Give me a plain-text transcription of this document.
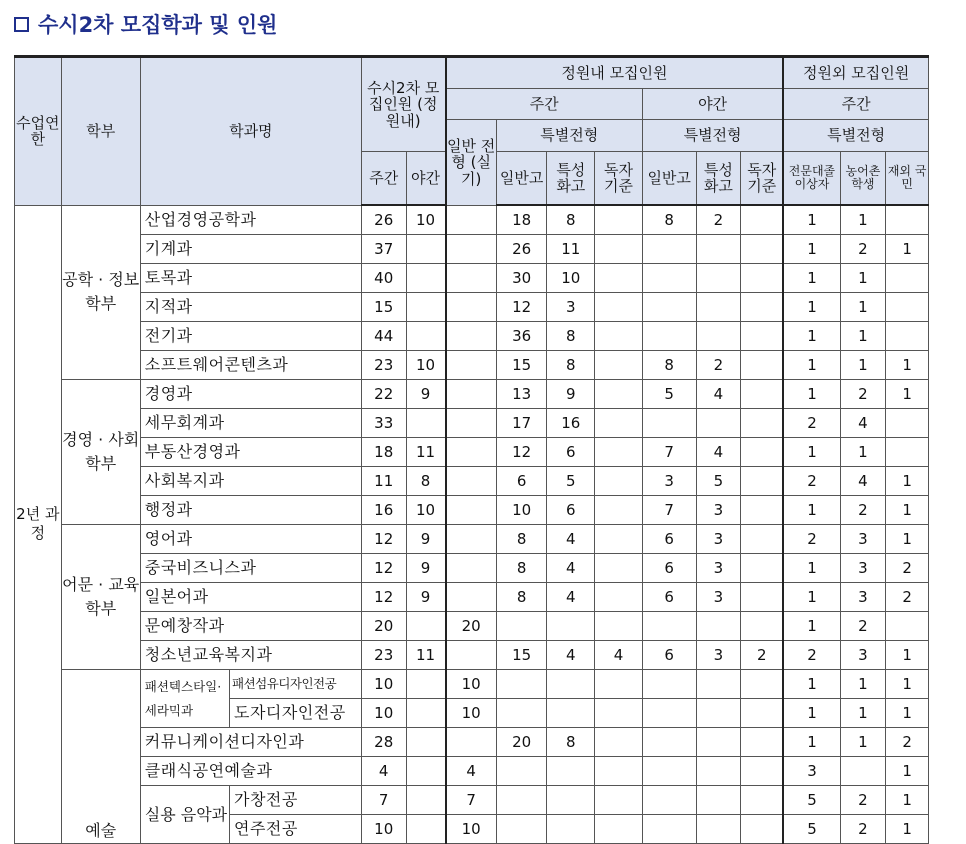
수시2차 모집학과 및 인원
수업연한	학부	학과명		수시2차 모집인원 (정원내)		정원내 모집인원							정원외 모집인원		
						주간				야간			주간		
						일반 전형 (실기)	특별전형			특별전형			특별전형		
				주간	야간		일반고	특성 화고	독자 기준	일반고	특성 화고	독자 기준	전문대졸 이상자	농어촌 학생	재외 국민
2년 과정	공학 · 정보 학부	산업경영공학과		26	10		18	8		8	2		1	1	
		기계과		37			26	11					1	2	1
		토목과		40			30	10					1	1	
		지적과		15			12	3					1	1	
		전기과		44			36	8					1	1	
		소프트웨어콘텐츠과		23	10		15	8		8	2		1	1	1
	경영 · 사회 학부	경영과		22	9		13	9		5	4		1	2	1
		세무회계과		33			17	16					2	4	
		부동산경영과		18	11		12	6		7	4		1	1	
		사회복지과		11	8		6	5		3	5		2	4	1
		행정과		16	10		10	6		7	3		1	2	1
	어문 · 교육 학부	영어과		12	9		8	4		6	3		2	3	1
		중국비즈니스과		12	9		8	4		6	3		1	3	2
		일본어과		12	9		8	4		6	3		1	3	2
		문예창작과		20		20							1	2	
		청소년교육복지과		23	11		15	4	4	6	3	2	2	3	1
	예술	패션텍스타일·세라믹과	패션섬유디자인전공	10		10							1	1	1
			도자디자인전공	10		10							1	1	1
		커뮤니케이션디자인과		28			20	8					1	1	2
		클래식공연예술과		4		4							3		1
		실용 음악과	가창전공	7		7							5	2	1
			연주전공	10		10							5	2	1
